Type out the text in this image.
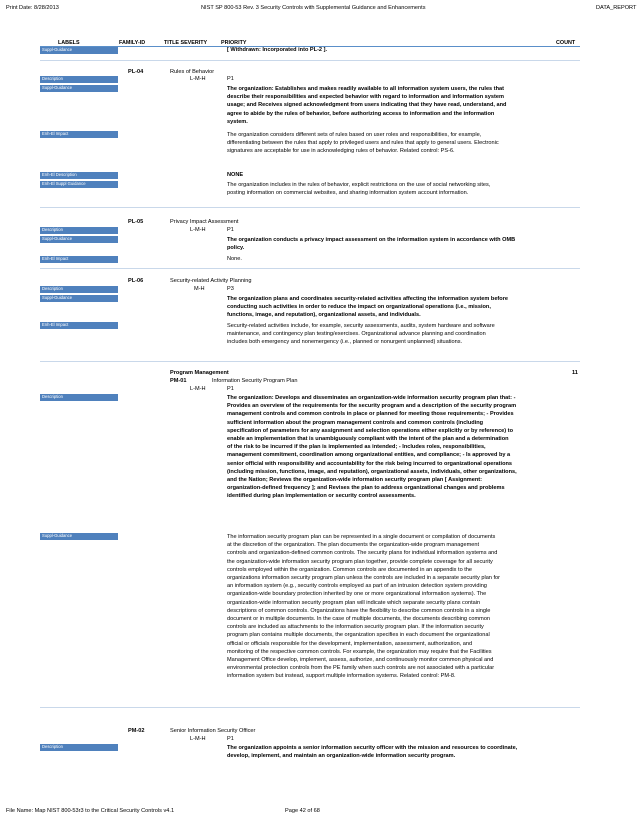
Print Date: 8/28/2013	NIST SP 800-53 Rev. 3 Security Controls with Supplemental Guidance and Enhancements	DATA_REPORT
LABELS	FAMILY-ID	TITLE SEVERITY	PRIORITY	COUNT
Suppl-Guidance	[ Withdrawn: Incorporated into PL-2 ].
PL-04	Rules of Behavior
L-M-H	P1
Description
Suppl-Guidance	The organization: Establishes and makes readily available to all information system users, the rules that
describe their responsibilities and expected behavior with regard to information and information system
usage; and Receives signed acknowledgment from users indicating that they have read, understand, and
agree to abide by the rules of behavior, before authorizing access to information and the information
system.
Enh-El Impact	The organization considers different sets of rules based on user roles and responsibilities, for example,
differentiating between the rules that apply to privileged users and rules that apply to general users. Electronic
signatures are acceptable for use in acknowledging rules of behavior. Related control: PS-6.
Enh-El Description	NONE
Enh-El Suppl Guidance	The organization includes in the rules of behavior, explicit restrictions on the use of social networking sites,
posting information on commercial websites, and sharing information system account information.
PL-05	Privacy Impact Assessment
Description	L-M-H	P1
Suppl-Guidance	The organization conducts a privacy impact assessment on the information system in accordance with OMB
policy.
Enh-El Impact	None.
PL-06	Security-related Activity Planning
Description	M-H	P3
Suppl-Guidance	The organization plans and coordinates security-related activities affecting the information system before
conducting such activities in order to reduce the impact on organizational operations (i.e., mission,
functions, image, and reputation), organizational assets, and individuals.
Enh-El Impact	Security-related activities include, for example, security assessments, audits, system hardware and software
maintenance, and contingency plan testing/exercises. Organizational advance planning and coordination
includes both emergency and nonemergency (i.e., planned or nonurgent unplanned) situations.
Program Management	11
PM-01	Information Security Program Plan
L-M-H	P1
Description	The organization: Develops and disseminates an organization-wide information security program plan that: -
Provides an overview of the requirements for the security program and a description of the security program
management controls and common controls in place or planned for meeting those requirements; - Provides
sufficient information about the program management controls and common controls (including
specification of parameters for any assignment and selection operations either explicitly or by reference) to
enable an implementation that is unambiguously compliant with the intent of the plan and a determination
of the risk to be incurred if the plan is implemented as intended; - Includes roles, responsibilities,
management commitment, coordination among organizational entities, and compliance; - Is approved by a
senior official with responsibility and accountability for the risk being incurred to organizational operations
(including mission, functions, image, and reputation), organizational assets, individuals, other organizations,
and the Nation; Reviews the organization-wide information security program plan [ Assignment:
organization-defined frequency ]; and Revises the plan to address organizational changes and problems
identified during plan implementation or security control assessments.
Suppl-Guidance	The information security program plan can be represented in a single document or compilation of documents
at the discretion of the organization. The plan documents the organization-wide program management
controls and organization-defined common controls. The security plans for individual information systems and
the organization-wide information security program plan together, provide complete coverage for all security
controls employed within the organization. Common controls are documented in an appendix to the
organizations information security program plan unless the controls are included in a separate security plan for
an information system (e.g., security controls employed as part of an intrusion detection system providing
organization-wide boundary protection inherited by one or more organizational information systems). The
organization-wide information security program plan will indicate which separate security plans contain
descriptions of common controls. Organizations have the flexibility to describe common controls in a single
document or in multiple documents. In the case of multiple documents, the documents describing common
controls are included as attachments to the information security program plan. If the information security
program plan contains multiple documents, the organization specifies in each document the organizational
official or officials responsible for the development, implementation, assessment, authorization, and
monitoring of the respective common controls. For example, the organization may require that the Facilities
Management Office develop, implement, assess, authorize, and continuously monitor common physical and
environmental protection controls from the PE family when such controls are not associated with a particular
information system but instead, support multiple information systems. Related control: PM-8.
PM-02	Senior Information Security Officer
L-M-H	P1
Description	The organization appoints a senior information security officer with the mission and resources to coordinate,
develop, implement, and maintain an organization-wide information security program.
File Name: Map NIST 800-53r3 to the Critical Security Controls v4.1	Page 42 of 68
